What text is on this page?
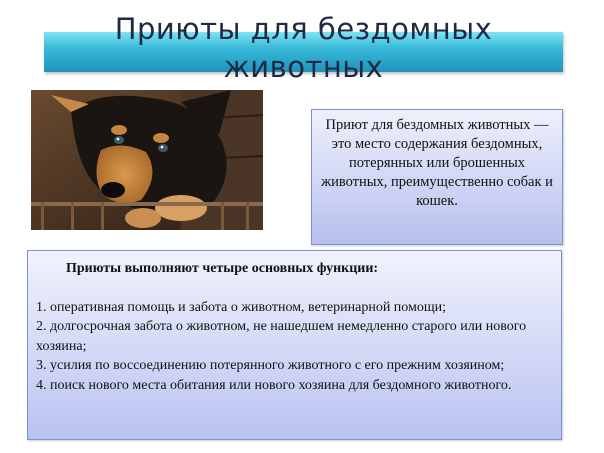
Приюты для бездомных животных
Приют для бездомных животных — это место содержания бездомных, потерянных или брошенных животных, преимущественно собак и кошек.
Приюты выполняют четыре основных функции:
1. оперативная помощь и забота о животном, ветеринарной помощи;
2. долгосрочная забота о животном, не нашедшем немедленно старого или нового хозяина;
3. усилия по воссоединению потерянного животного с его прежним хозяином;
4. поиск нового места обитания или нового хозяина для бездомного животного.
